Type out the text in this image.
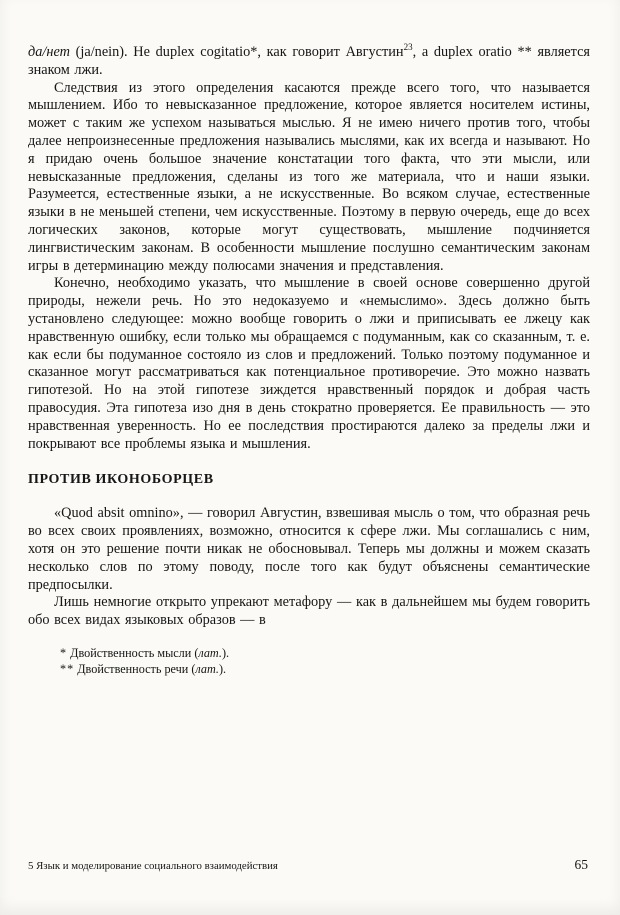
да/нет (ja/nein). Не duplex cogitatio*, как говорит Августин$^{23}$, а duplex oratio ** является знаком лжи.

Следствия из этого определения касаются прежде всего того, что называется мышлением. Ибо то невысказанное предложение, которое является носителем истины, может с таким же успехом называться мыслью. Я не имею ничего против того, чтобы далее непроизнесенные предложения назывались мыслями, как их всегда и называют. Но я придаю очень большое значение констатации того факта, что эти мысли, или невысказанные предложения, сделаны из того же материала, что и наши языки. Разумеется, естественные языки, а не искусственные. Во всяком случае, естественные языки в не меньшей степени, чем искусственные. Поэтому в первую очередь, еще до всех логических законов, которые могут существовать, мышление подчиняется лингвистическим законам. В особенности мышление послушно семантическим законам игры в детерминацию между полюсами значения и представления.

Конечно, необходимо указать, что мышление в своей основе совершенно другой природы, нежели речь. Но это недоказуемо и «немыслимо». Здесь должно быть установлено следующее: можно вообще говорить о лжи и приписывать ее лжецу как нравственную ошибку, если только мы обращаемся с подуманным, как со сказанным, т. е. как если бы подуманное состояло из слов и предложений. Только поэтому подуманное и сказанное могут рассматриваться как потенциальное противоречие. Это можно назвать гипотезой. Но на этой гипотезе зиждется нравственный порядок и добрая часть правосудия. Эта гипотеза изо дня в день стократно проверяется. Ее правильность — это нравственная уверенность. Но ее последствия простираются далеко за пределы лжи и покрывают все проблемы языка и мышления.

ПРОТИВ ИКОНОБОРЦЕВ

«Quod absit omnino», — говорил Августин, взвешивая мысль о том, что образная речь во всех своих проявлениях, возможно, относится к сфере лжи. Мы соглашались с ним, хотя он это решение почти никак не обосновывал. Теперь мы должны и можем сказать несколько слов по этому поводу, после того как будут объяснены семантические предпосылки.

Лишь немногие открыто упрекают метафору — как в дальнейшем мы будем говорить обо всех видах языковых образов — в

* Двойственность мысли (лат.).

** Двойственность речи (лат.).

5 Язык и моделирование социального взаимодействия	65
